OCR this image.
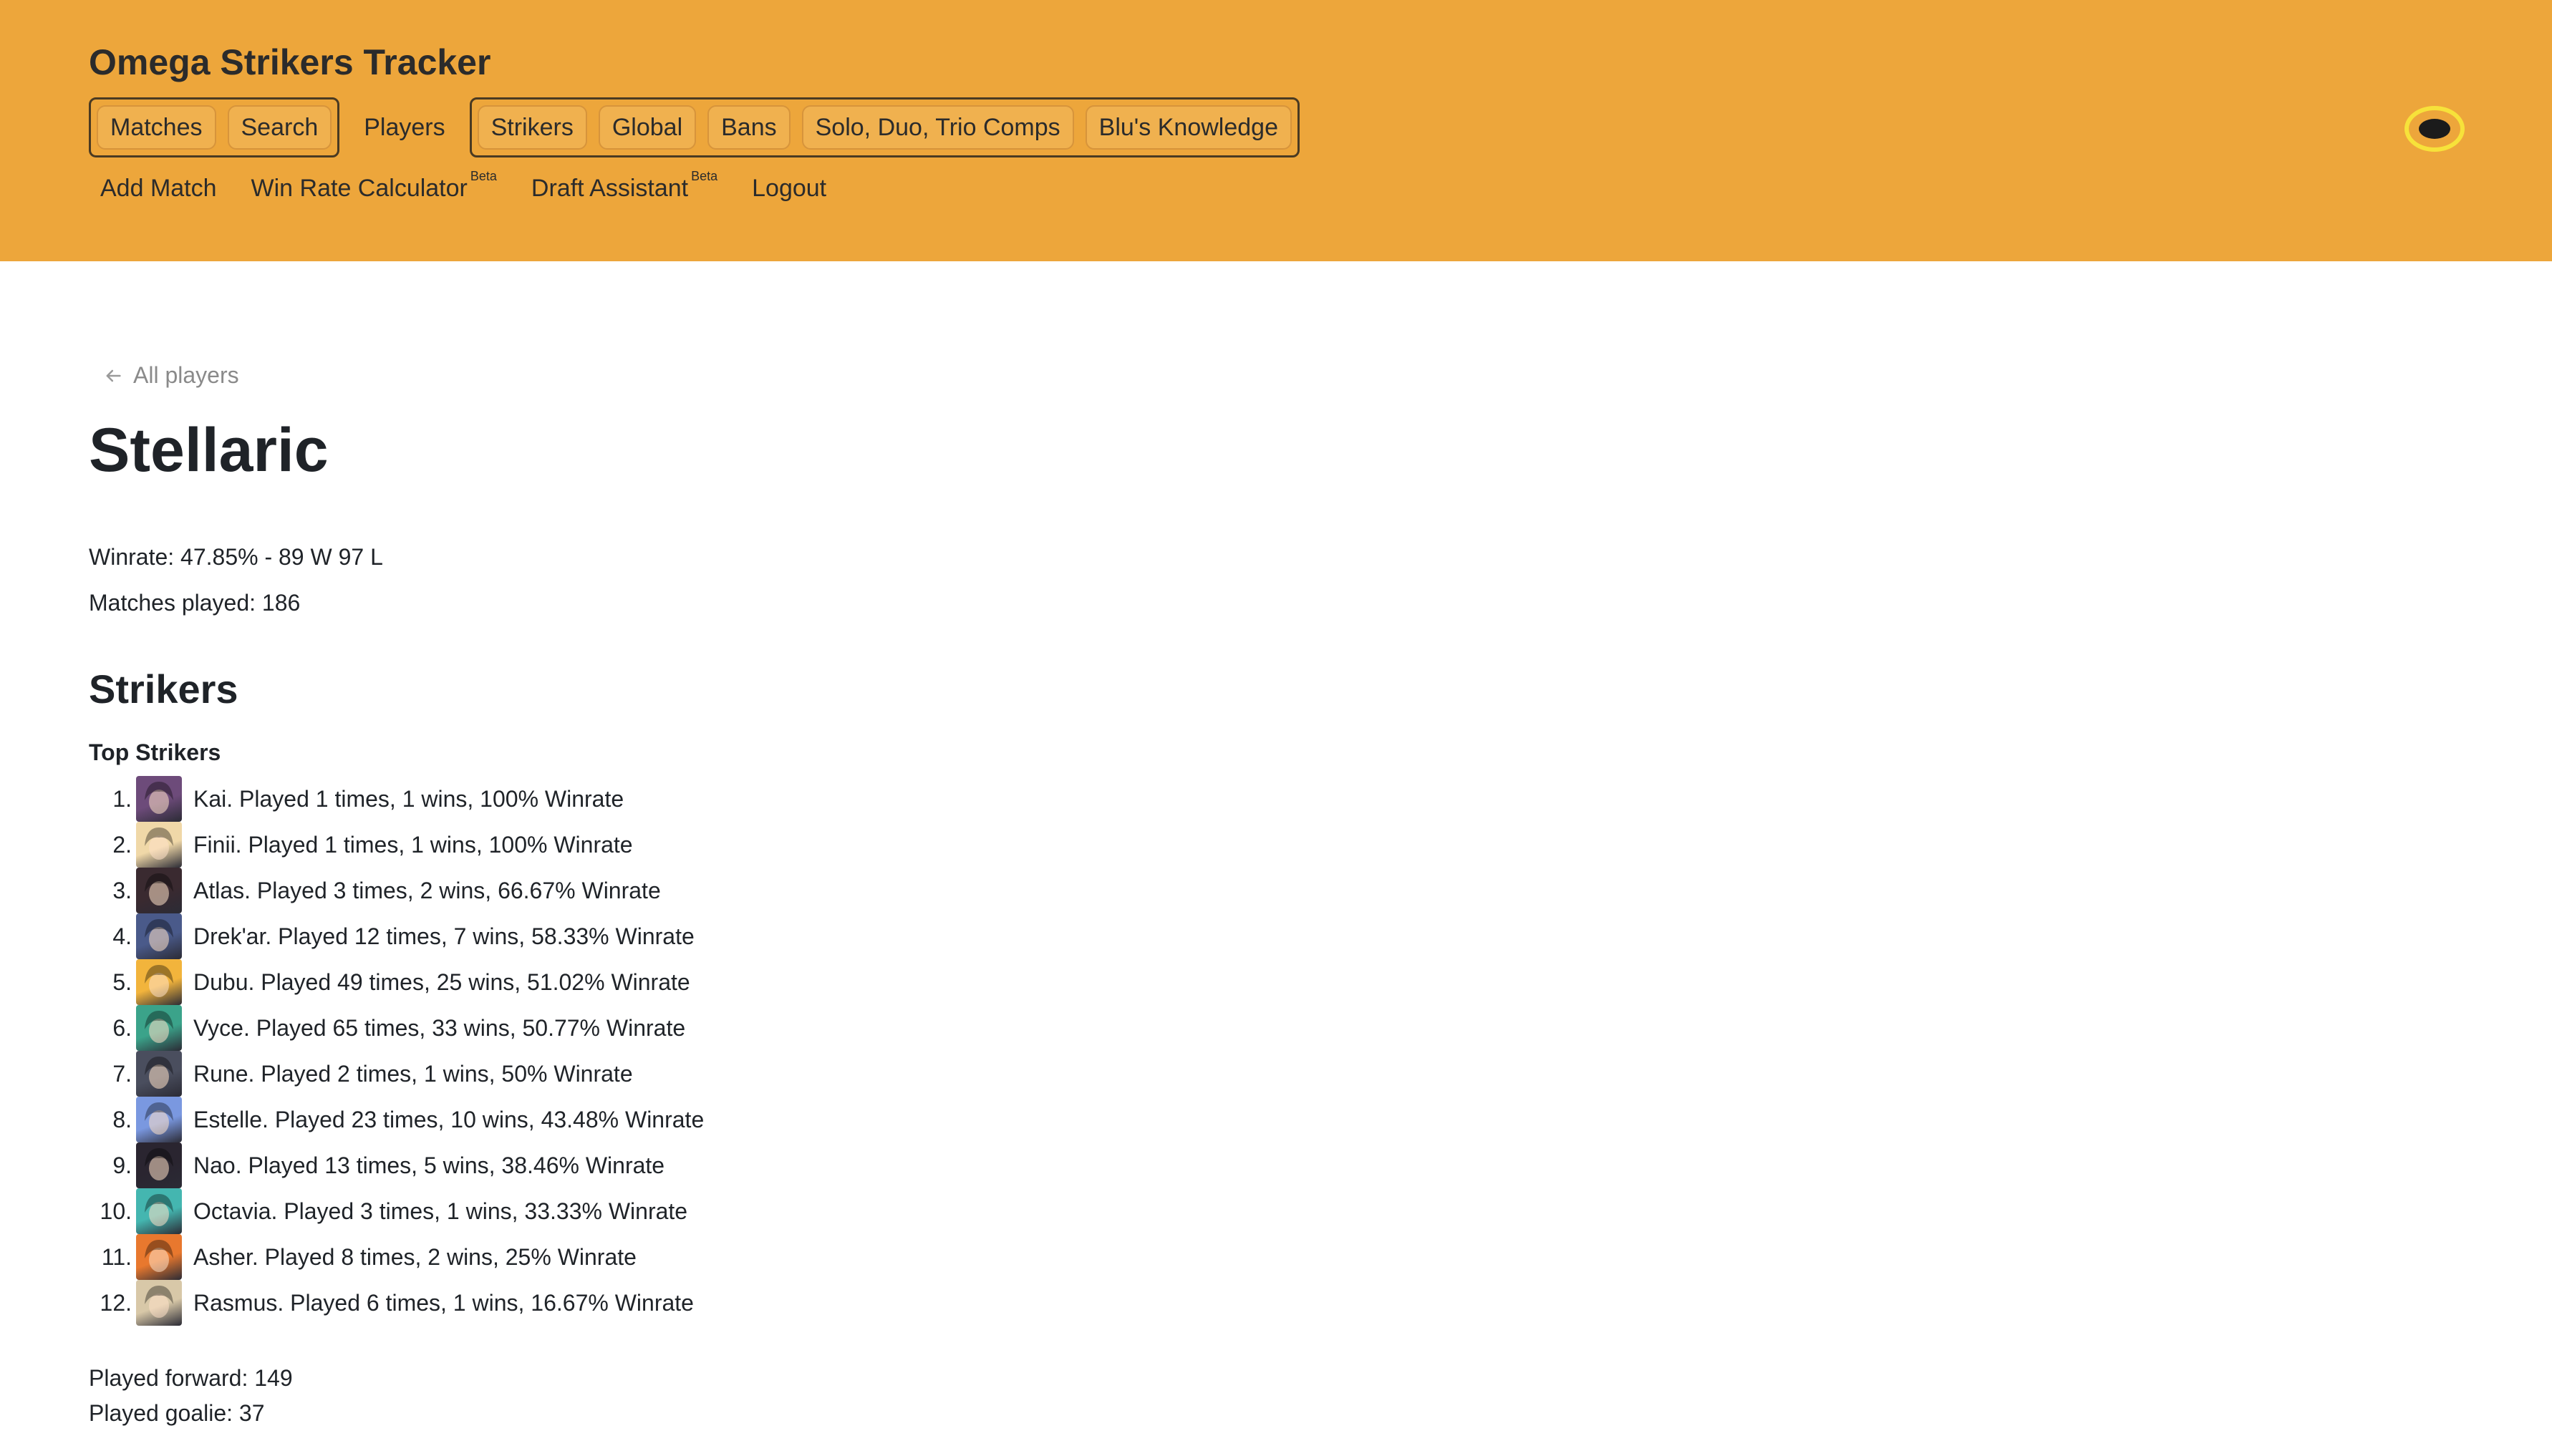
Omega Strikers Tracker
Matches	Search	Players	Strikers	Global	Bans	Solo, Duo, Trio Comps	Blu's Knowledge
Add Match Win Rate Calculator $^{Beta}$ Draft Assistant $^{Beta}$ Logout
All players
Stellaric
Winrate: 47.85% - 89 W 97 L
Matches played: 186
Strikers
Top Strikers
1.	Kai. Played 1 times, 1 wins, 100% Winrate
2.	Finii. Played 1 times, 1 wins, 100% Winrate
3.	Atlas. Played 3 times, 2 wins, 66.67% Winrate
4.	Drek'ar. Played 12 times, 7 wins, 58.33% Winrate
5.	Dubu. Played 49 times, 25 wins, 51.02% Winrate
6.	Vyce. Played 65 times, 33 wins, 50.77% Winrate
7.	Rune. Played 2 times, 1 wins, 50% Winrate
8.	Estelle. Played 23 times, 10 wins, 43.48% Winrate
9.	Nao. Played 13 times, 5 wins, 38.46% Winrate
10.	Octavia. Played 3 times, 1 wins, 33.33% Winrate
11.	Asher. Played 8 times, 2 wins, 25% Winrate
12.	Rasmus. Played 6 times, 1 wins, 16.67% Winrate
Played forward: 149
Played goalie: 37
